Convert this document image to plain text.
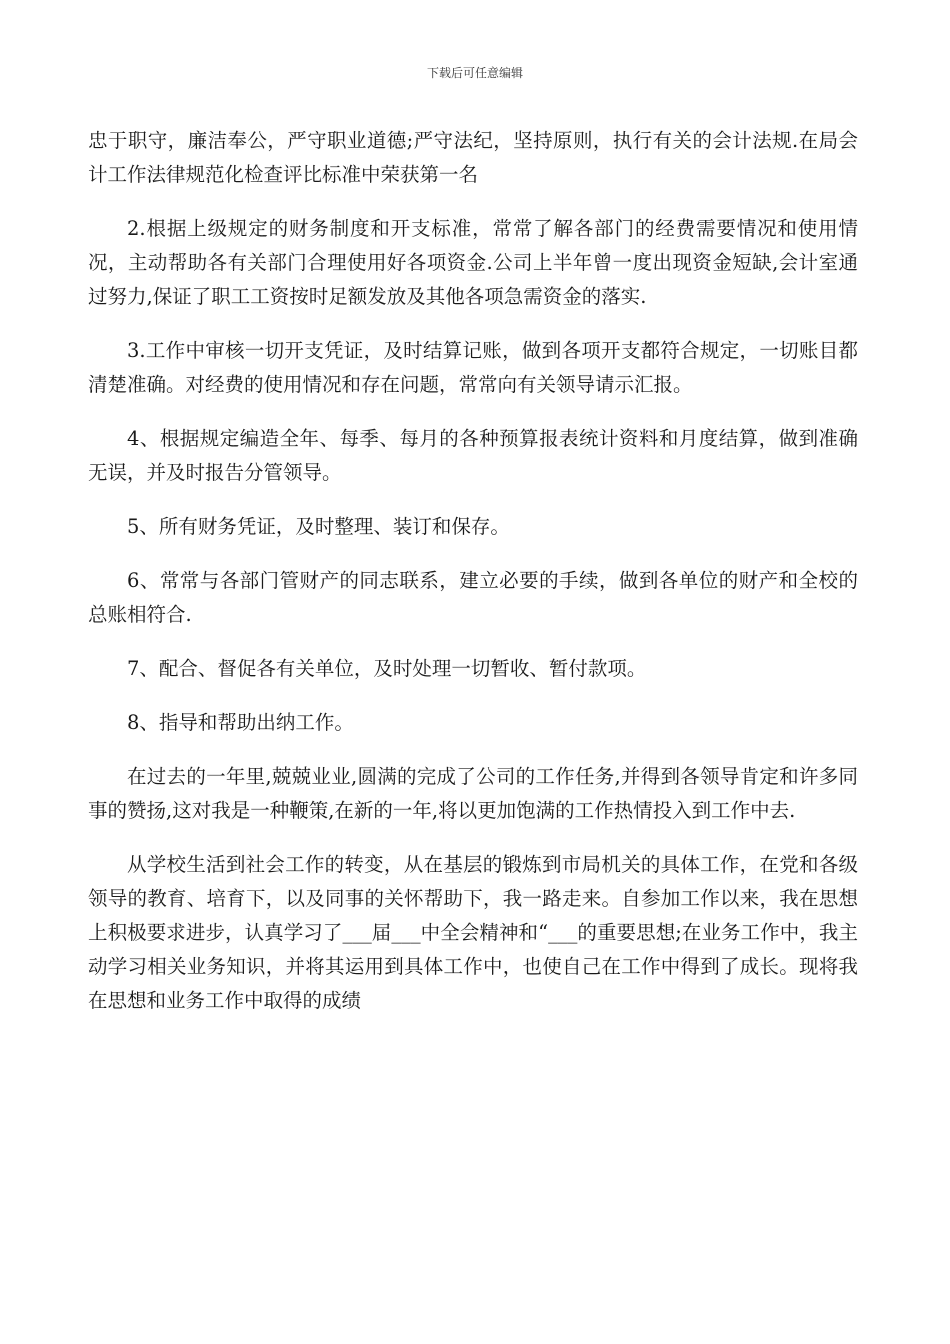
下载后可任意编辑

忠于职守，廉洁奉公，严守职业道德;严守法纪，坚持原则，执行有关的会计法规.在局会计工作法律规范化检查评比标准中荣获第一名

2.根据上级规定的财务制度和开支标准，常常了解各部门的经费需要情况和使用情况，主动帮助各有关部门合理使用好各项资金.公司上半年曾一度出现资金短缺,会计室通过努力,保证了职工工资按时足额发放及其他各项急需资金的落实.

3.工作中审核一切开支凭证，及时结算记账，做到各项开支都符合规定，一切账目都清楚准确。对经费的使用情况和存在问题，常常向有关领导请示汇报。

4、根据规定编造全年、每季、每月的各种预算报表统计资料和月度结算，做到准确无误，并及时报告分管领导。

5、所有财务凭证，及时整理、装订和保存。

6、常常与各部门管财产的同志联系，建立必要的手续，做到各单位的财产和全校的总账相符合.

7、配合、督促各有关单位，及时处理一切暂收、暂付款项。

8、指导和帮助出纳工作。

在过去的一年里,兢兢业业,圆满的完成了公司的工作任务,并得到各领导肯定和许多同事的赞扬,这对我是一种鞭策,在新的一年,将以更加饱满的工作热情投入到工作中去.

从学校生活到社会工作的转变，从在基层的锻炼到市局机关的具体工作，在党和各级领导的教育、培育下，以及同事的关怀帮助下，我一路走来。自参加工作以来，我在思想上积极要求进步，认真学习了___届___中全会精神和“___的重要思想;在业务工作中，我主动学习相关业务知识，并将其运用到具体工作中，也使自己在工作中得到了成长。现将我在思想和业务工作中取得的成绩
